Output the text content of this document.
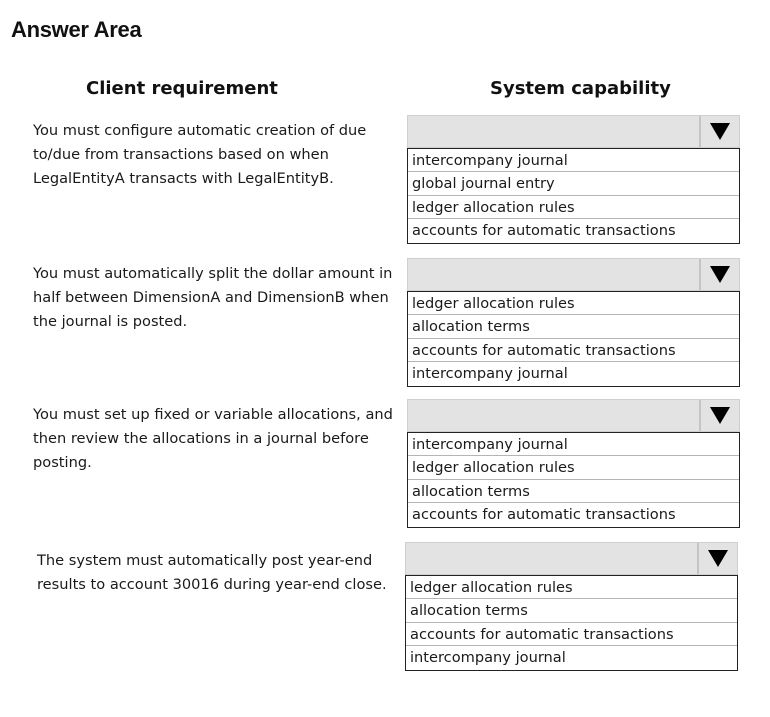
Answer Area
Client requirement	System capability
You must configure automatic creation of due to/due from transactions based on when LegalEntityA transacts with LegalEntityB.
intercompany journal
global journal entry
ledger allocation rules
accounts for automatic transactions
You must automatically split the dollar amount in half between DimensionA and DimensionB when the journal is posted.
ledger allocation rules
allocation terms
accounts for automatic transactions
intercompany journal
You must set up fixed or variable allocations, and then review the allocations in a journal before posting.
intercompany journal
ledger allocation rules
allocation terms
accounts for automatic transactions
The system must automatically post year-end results to account 30016 during year-end close.	ledger allocation rules
allocation terms
accounts for automatic transactions
intercompany journal
